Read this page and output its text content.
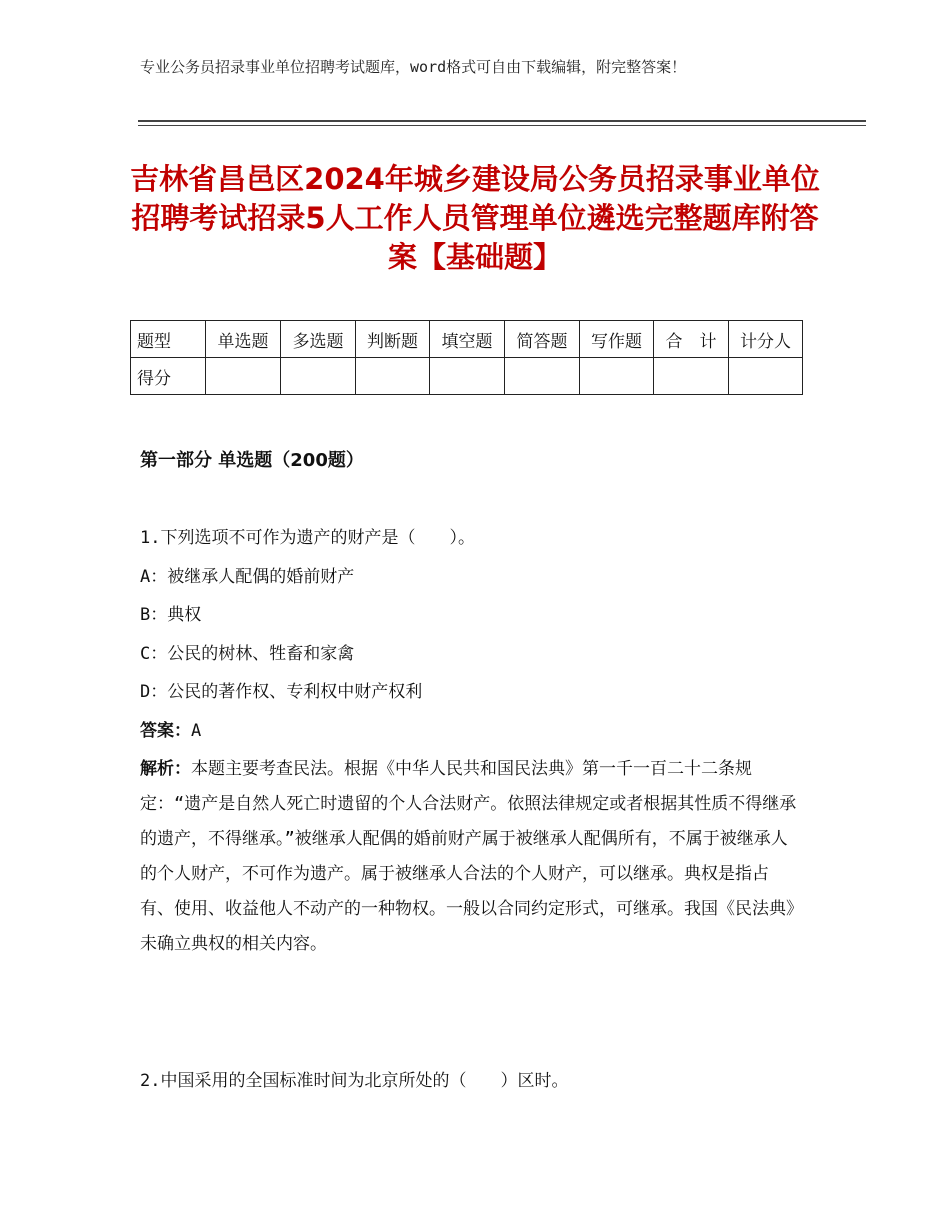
专业公务员招录事业单位招聘考试题库，word格式可自由下载编辑，附完整答案！
吉林省昌邑区2024年城乡建设局公务员招录事业单位招聘考试招录5人工作人员管理单位遴选完整题库附答案【基础题】
题型	单选题	多选题	判断题	填空题	简答题	写作题	合　计	计分人
得分								
第一部分 单选题（200题）
1.下列选项不可作为遗产的财产是（　　）。
A：被继承人配偶的婚前财产
B：典权
C：公民的树林、牲畜和家禽
D：公民的著作权、专利权中财产权利
答案：A
解析：本题主要考查民法。根据《中华人民共和国民法典》第一千一百二十二条规定：“遗产是自然人死亡时遗留的个人合法财产。依照法律规定或者根据其性质不得继承的遗产，不得继承。”被继承人配偶的婚前财产属于被继承人配偶所有，不属于被继承人的个人财产，不可作为遗产。属于被继承人合法的个人财产，可以继承。典权是指占有、使用、收益他人不动产的一种物权。一般以合同约定形式，可继承。我国《民法典》未确立典权的相关内容。
2.中国采用的全国标准时间为北京所处的（　　）区时。
